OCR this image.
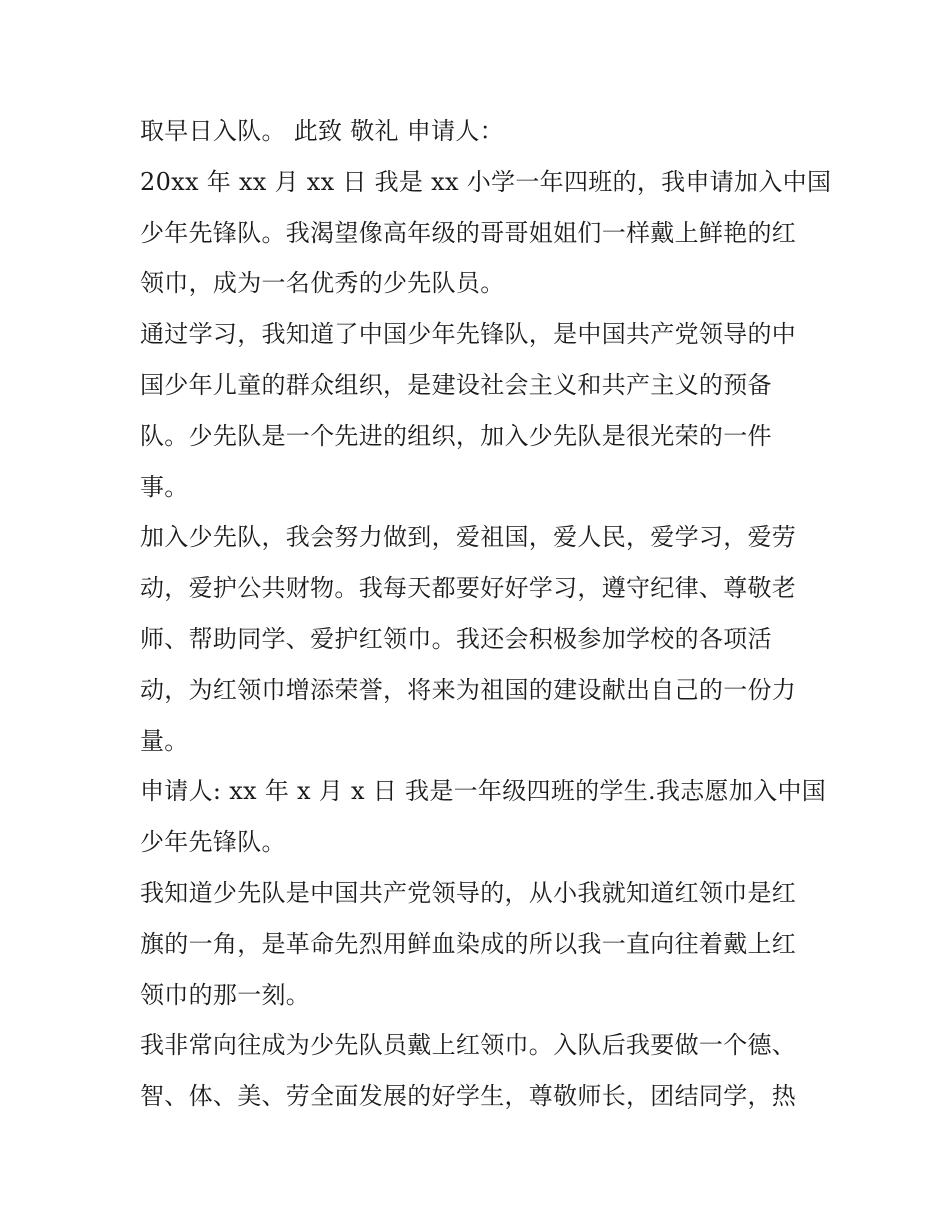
取早日入队。 此致 敬礼 申请人：
20xx 年 xx 月 xx 日 我是 xx 小学一年四班的，我申请加入中国
少年先锋队。我渴望像高年级的哥哥姐姐们一样戴上鲜艳的红
领巾，成为一名优秀的少先队员。
通过学习，我知道了中国少年先锋队，是中国共产党领导的中
国少年儿童的群众组织，是建设社会主义和共产主义的预备
队。少先队是一个先进的组织，加入少先队是很光荣的一件
事。
加入少先队，我会努力做到，爱祖国，爱人民，爱学习，爱劳
动，爱护公共财物。我每天都要好好学习，遵守纪律、尊敬老
师、帮助同学、爱护红领巾。我还会积极参加学校的各项活
动，为红领巾增添荣誉，将来为祖国的建设献出自己的一份力
量。
申请人: xx 年 x 月 x 日 我是一年级四班的学生.我志愿加入中国
少年先锋队。
我知道少先队是中国共产党领导的，从小我就知道红领巾是红
旗的一角，是革命先烈用鲜血染成的所以我一直向往着戴上红
领巾的那一刻。
我非常向往成为少先队员戴上红领巾。入队后我要做一个德、
智、体、美、劳全面发展的好学生，尊敬师长，团结同学，热
